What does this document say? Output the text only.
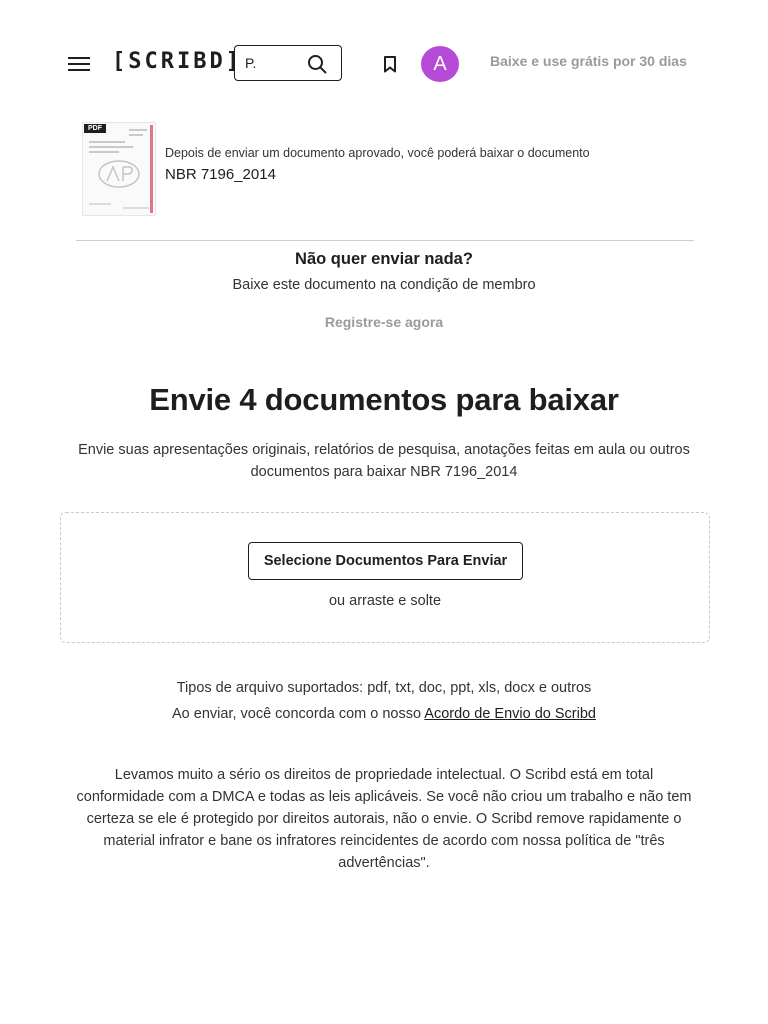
[SCRIBD]
P.	A	Baixe e use grátis por 30 dias
PDF
Depois de enviar um documento aprovado, você poderá baixar o documento
NBR 7196_2014
Não quer enviar nada?
Baixe este documento na condição de membro
Registre-se agora
Envie 4 documentos para baixar
Envie suas apresentações originais, relatórios de pesquisa, anotações feitas em aula ou outros documentos para baixar NBR 7196_2014
Selecione Documentos Para Enviar
ou arraste e solte
Tipos de arquivo suportados: pdf, txt, doc, ppt, xls, docx e outros
Ao enviar, você concorda com o nosso Acordo de Envio do Scribd
Levamos muito a sério os direitos de propriedade intelectual. O Scribd está em total conformidade com a DMCA e todas as leis aplicáveis. Se você não criou um trabalho e não tem certeza se ele é protegido por direitos autorais, não o envie. O Scribd remove rapidamente o material infrator e bane os infratores reincidentes de acordo com nossa política de "três advertências".
